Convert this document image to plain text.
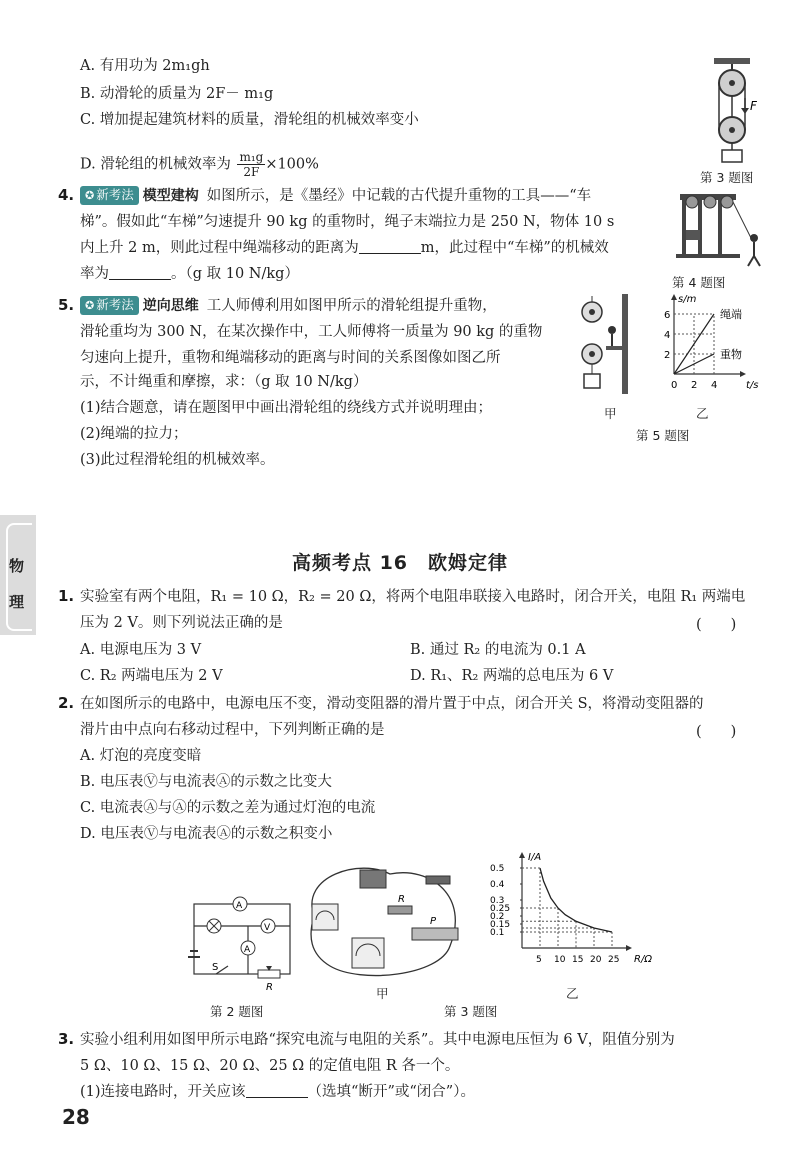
A. 有用功为 2m₁gh
B. 动滑轮的质量为 2F－ m₁g
C. 增加提起建筑材料的质量，滑轮组的机械效率变小
D. 滑轮组的机械效率为 $\frac{\text{m₁g}}{2F} \times 100\%$
F
第 3 题图
4. ✪ 新考法 模型建构 如图所示，是《墨经》中记载的古代提升重物的工具——“车
梯”。假如此“车梯”匀速提升 90 kg 的重物时，绳子末端拉力是 250 N，物体 10 s
内上升 2 m，则此过程中绳端移动的距离为	m，此过程中“车梯”的机械效
率为	。（g 取 10 N/kg）
第 4 题图
5. ✪ 新考法 逆向思维 工人师傅利用如图甲所示的滑轮组提升重物，
滑轮重均为 300 N，在某次操作中，工人师傅将一质量为 90 kg 的重物
匀速向上提升，重物和绳端移动的距离与时间的关系图像如图乙所
示，不计绳重和摩擦，求：（g 取 10 N/kg）
(1)结合题意，请在题图甲中画出滑轮组的绕线方式并说明理由；
(2)绳端的拉力；
(3)此过程滑轮组的机械效率。
甲
s/m
t/s
2
4
6
0 2 4
绳端
重物
乙
第 5 题图
物
理
高频考点 16　欧姆定律
1. 实验室有两个电阻，R₁ = 10 Ω，R₂ = 20 Ω，将两个电阻串联接入电路时，闭合开关，电阻 R₁ 两端电
压为 2 V。则下列说法正确的是	(　　)
A. 电源电压为 3 V	B. 通过 R₂ 的电流为 0.1 A
C. R₂ 两端电压为 2 V	D. R₁、R₂ 两端的总电压为 6 V
2. 在如图所示的电路中，电源电压不变，滑动变阻器的滑片置于中点，闭合开关 S，将滑动变阻器的
滑片由中点向右移动过程中，下列判断正确的是	(　　)
A. 灯泡的亮度变暗
B. 电压表Ⓥ与电流表Ⓐ的示数之比变大
C. 电流表Ⓐ与Ⓐ的示数之差为通过灯泡的电流
D. 电压表Ⓥ与电流表Ⓐ的示数之积变小
A
V
A
S
R
第 2 题图
R
P
甲
第 3 题图
I/A
R/Ω
0.1
0.15
0.2
0.25
0.3
0.4
0.5
5 10 15 20 25
乙
3. 实验小组利用如图甲所示电路“探究电流与电阻的关系”。其中电源电压恒为 6 V，阻值分别为
5 Ω、10 Ω、15 Ω、20 Ω、25 Ω 的定值电阻 R 各一个。
(1)连接电路时，开关应该	（选填“断开”或“闭合”）。
28
